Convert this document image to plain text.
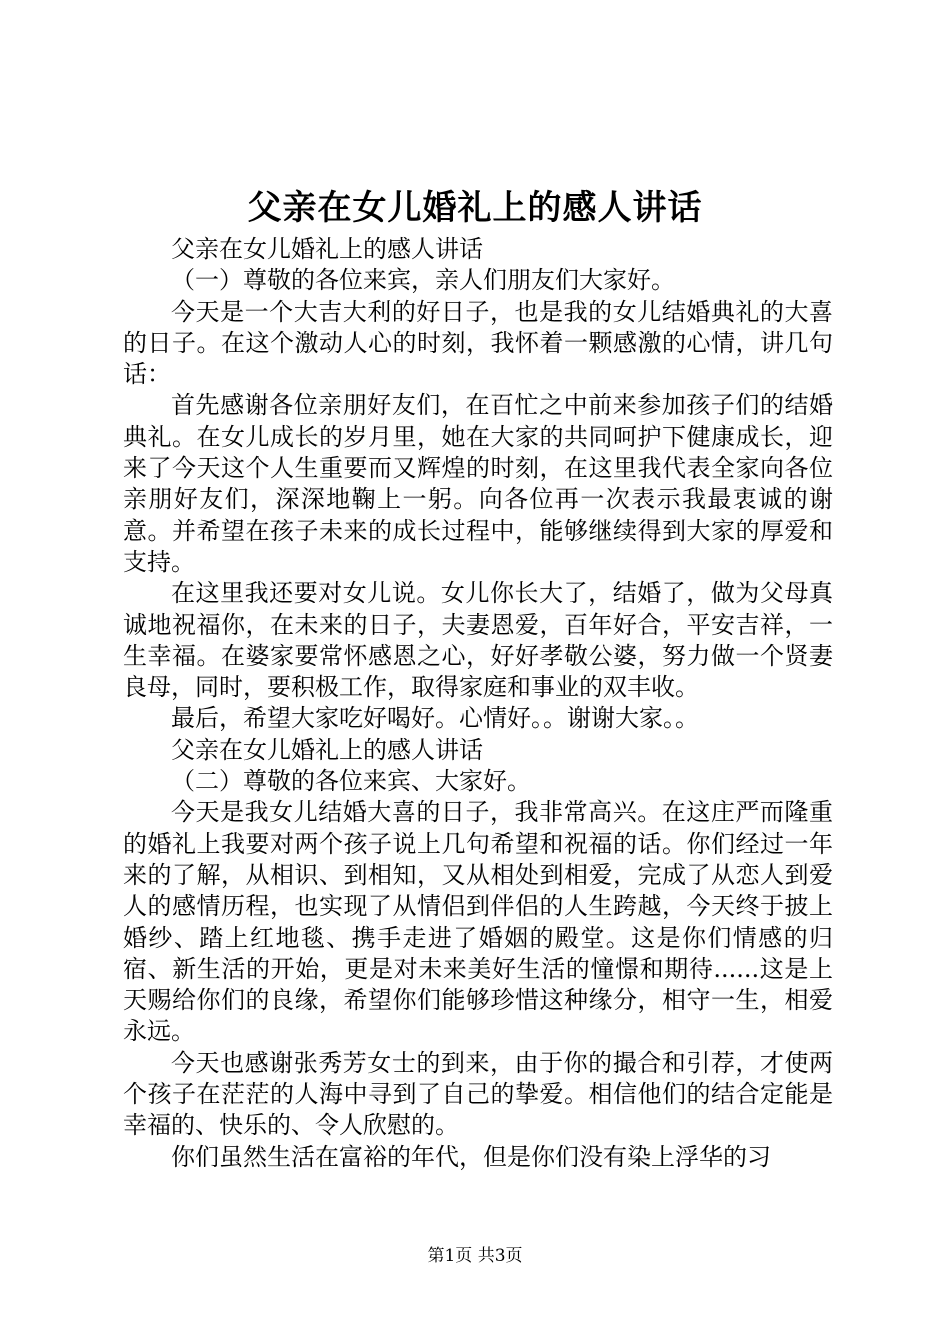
父亲在女儿婚礼上的感人讲话

父亲在女儿婚礼上的感人讲话

（一）尊敬的各位来宾，亲人们朋友们大家好。

今天是一个大吉大利的好日子，也是我的女儿结婚典礼的大喜的日子。在这个激动人心的时刻，我怀着一颗感激的心情，讲几句话：

首先感谢各位亲朋好友们，在百忙之中前来参加孩子们的结婚典礼。在女儿成长的岁月里，她在大家的共同呵护下健康成长，迎来了今天这个人生重要而又辉煌的时刻，在这里我代表全家向各位亲朋好友们，深深地鞠上一躬。向各位再一次表示我最衷诚的谢意。并希望在孩子未来的成长过程中，能够继续得到大家的厚爱和支持。

在这里我还要对女儿说。女儿你长大了，结婚了，做为父母真诚地祝福你，在未来的日子，夫妻恩爱，百年好合，平安吉祥，一生幸福。在婆家要常怀感恩之心，好好孝敬公婆，努力做一个贤妻良母，同时，要积极工作，取得家庭和事业的双丰收。

最后，希望大家吃好喝好。心情好。。谢谢大家。。

父亲在女儿婚礼上的感人讲话

（二）尊敬的各位来宾、大家好。

今天是我女儿结婚大喜的日子，我非常高兴。在这庄严而隆重的婚礼上我要对两个孩子说上几句希望和祝福的话。你们经过一年来的了解，从相识、到相知，又从相处到相爱，完成了从恋人到爱人的感情历程，也实现了从情侣到伴侣的人生跨越，今天终于披上婚纱、踏上红地毯、携手走进了婚姻的殿堂。这是你们情感的归宿、新生活的开始，更是对未来美好生活的憧憬和期待......这是上天赐给你们的良缘，希望你们能够珍惜这种缘分，相守一生，相爱永远。

今天也感谢张秀芳女士的到来，由于你的撮合和引荐，才使两个孩子在茫茫的人海中寻到了自己的挚爱。相信他们的结合定能是幸福的、快乐的、令人欣慰的。

你们虽然生活在富裕的年代，但是你们没有染上浮华的习

第1页 共3页
